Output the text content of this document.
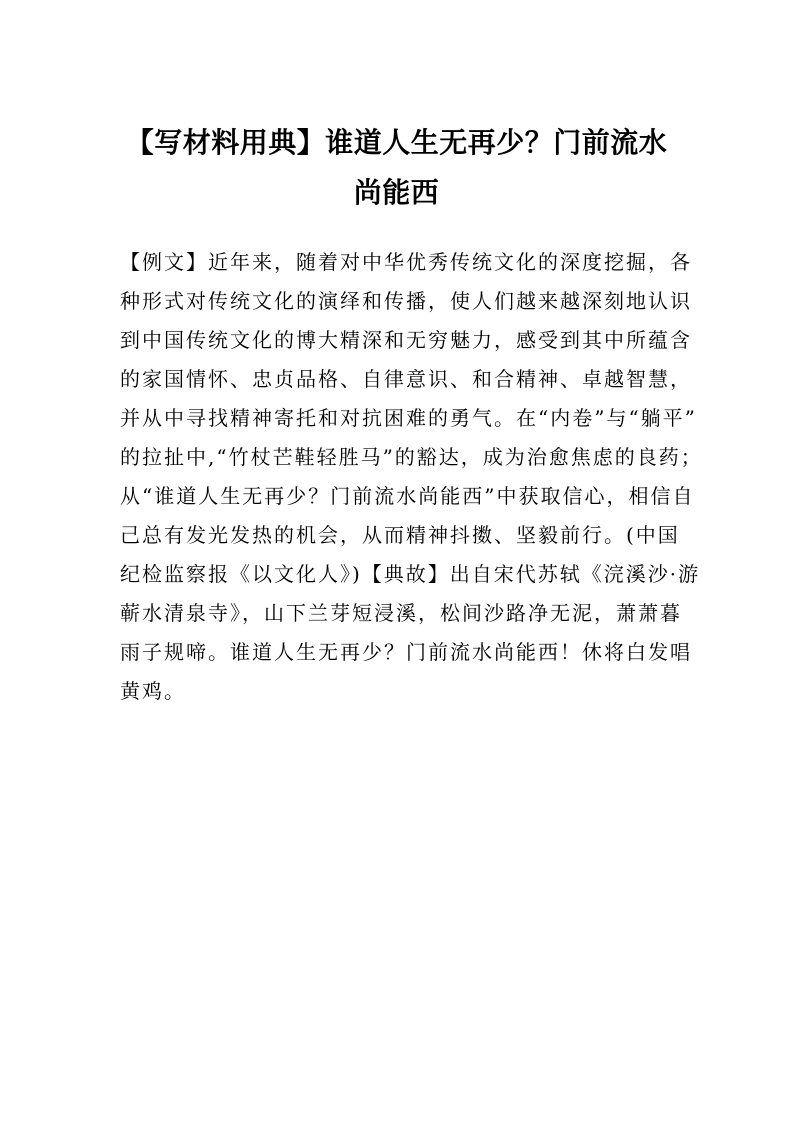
【写材料用典】谁道人生无再少？门前流水
尚能西
【例文】近年来，随着对中华优秀传统文化的深度挖掘，各
种形式对传统文化的演绎和传播，使人们越来越深刻地认识
到中国传统文化的博大精深和无穷魅力，感受到其中所蕴含
的家国情怀、忠贞品格、自律意识、和合精神、卓越智慧，
并从中寻找精神寄托和对抗困难的勇气。在“内卷”与“躺平”
的拉扯中,“竹杖芒鞋轻胜马”的豁达，成为治愈焦虑的良药；
从“谁道人生无再少？门前流水尚能西”中获取信心，相信自
己总有发光发热的机会，从而精神抖擞、坚毅前行。(中国
纪检监察报《以文化人》)【典故】出自宋代苏轼《浣溪沙·游
蕲水清泉寺》，山下兰芽短浸溪，松间沙路净无泥，萧萧暮
雨子规啼。谁道人生无再少？门前流水尚能西！休将白发唱
黄鸡。
